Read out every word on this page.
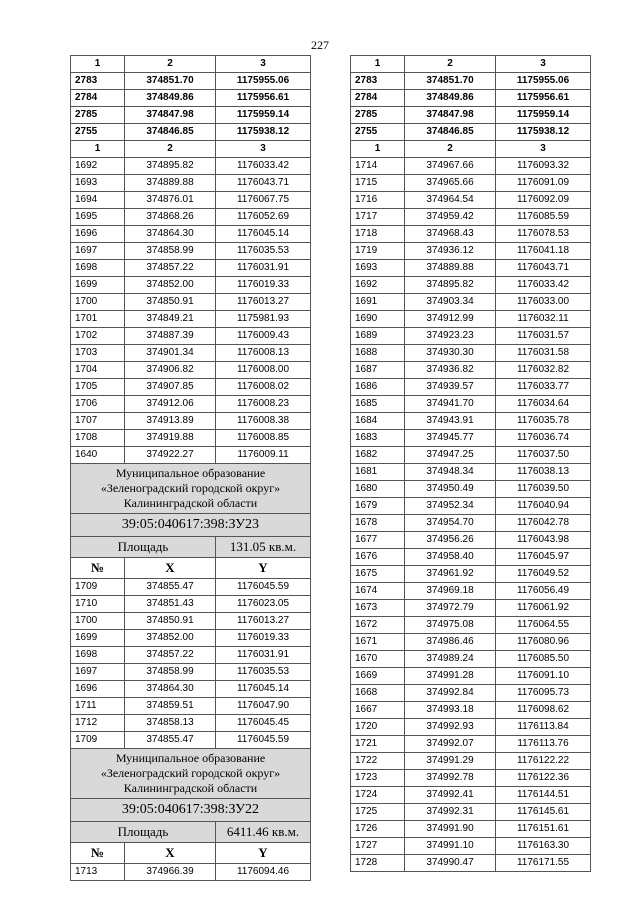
227
1	2	3
2783	374851.70	1175955.06
2784	374849.86	1175956.61
2785	374847.98	1175959.14
2755	374846.85	1175938.12
1	2	3
1692	374895.82	1176033.42
1693	374889.88	1176043.71
1694	374876.01	1176067.75
1695	374868.26	1176052.69
1696	374864.30	1176045.14
1697	374858.99	1176035.53
1698	374857.22	1176031.91
1699	374852.00	1176019.33
1700	374850.91	1176013.27
1701	374849.21	1175981.93
1702	374887.39	1176009.43
1703	374901.34	1176008.13
1704	374906.82	1176008.00
1705	374907.85	1176008.02
1706	374912.06	1176008.23
1707	374913.89	1176008.38
1708	374919.88	1176008.85
1640	374922.27	1176009.11
Муниципальное образование «Зеленоградский городской округ» Калининградской области		
39:05:040617:398:ЗУ23		
Площадь		131.05 кв.м.
№	X	Y
1709	374855.47	1176045.59
1710	374851.43	1176023.05
1700	374850.91	1176013.27
1699	374852.00	1176019.33
1698	374857.22	1176031.91
1697	374858.99	1176035.53
1696	374864.30	1176045.14
1711	374859.51	1176047.90
1712	374858.13	1176045.45
1709	374855.47	1176045.59
Муниципальное образование «Зеленоградский городской округ» Калининградской области		
39:05:040617:398:ЗУ22		
Площадь		6411.46 кв.м.
№	X	Y
1713	374966.39	1176094.46
1	2	3
2783	374851.70	1175955.06
2784	374849.86	1175956.61
2785	374847.98	1175959.14
2755	374846.85	1175938.12
1	2	3
1714	374967.66	1176093.32
1715	374965.66	1176091.09
1716	374964.54	1176092.09
1717	374959.42	1176085.59
1718	374968.43	1176078.53
1719	374936.12	1176041.18
1693	374889.88	1176043.71
1692	374895.82	1176033.42
1691	374903.34	1176033.00
1690	374912.99	1176032.11
1689	374923.23	1176031.57
1688	374930.30	1176031.58
1687	374936.82	1176032.82
1686	374939.57	1176033.77
1685	374941.70	1176034.64
1684	374943.91	1176035.78
1683	374945.77	1176036.74
1682	374947.25	1176037.50
1681	374948.34	1176038.13
1680	374950.49	1176039.50
1679	374952.34	1176040.94
1678	374954.70	1176042.78
1677	374956.26	1176043.98
1676	374958.40	1176045.97
1675	374961.92	1176049.52
1674	374969.18	1176056.49
1673	374972.79	1176061.92
1672	374975.08	1176064.55
1671	374986.46	1176080.96
1670	374989.24	1176085.50
1669	374991.28	1176091.10
1668	374992.84	1176095.73
1667	374993.18	1176098.62
1720	374992.93	1176113.84
1721	374992.07	1176113.76
1722	374991.29	1176122.22
1723	374992.78	1176122.36
1724	374992.41	1176144.51
1725	374992.31	1176145.61
1726	374991.90	1176151.61
1727	374991.10	1176163.30
1728	374990.47	1176171.55
